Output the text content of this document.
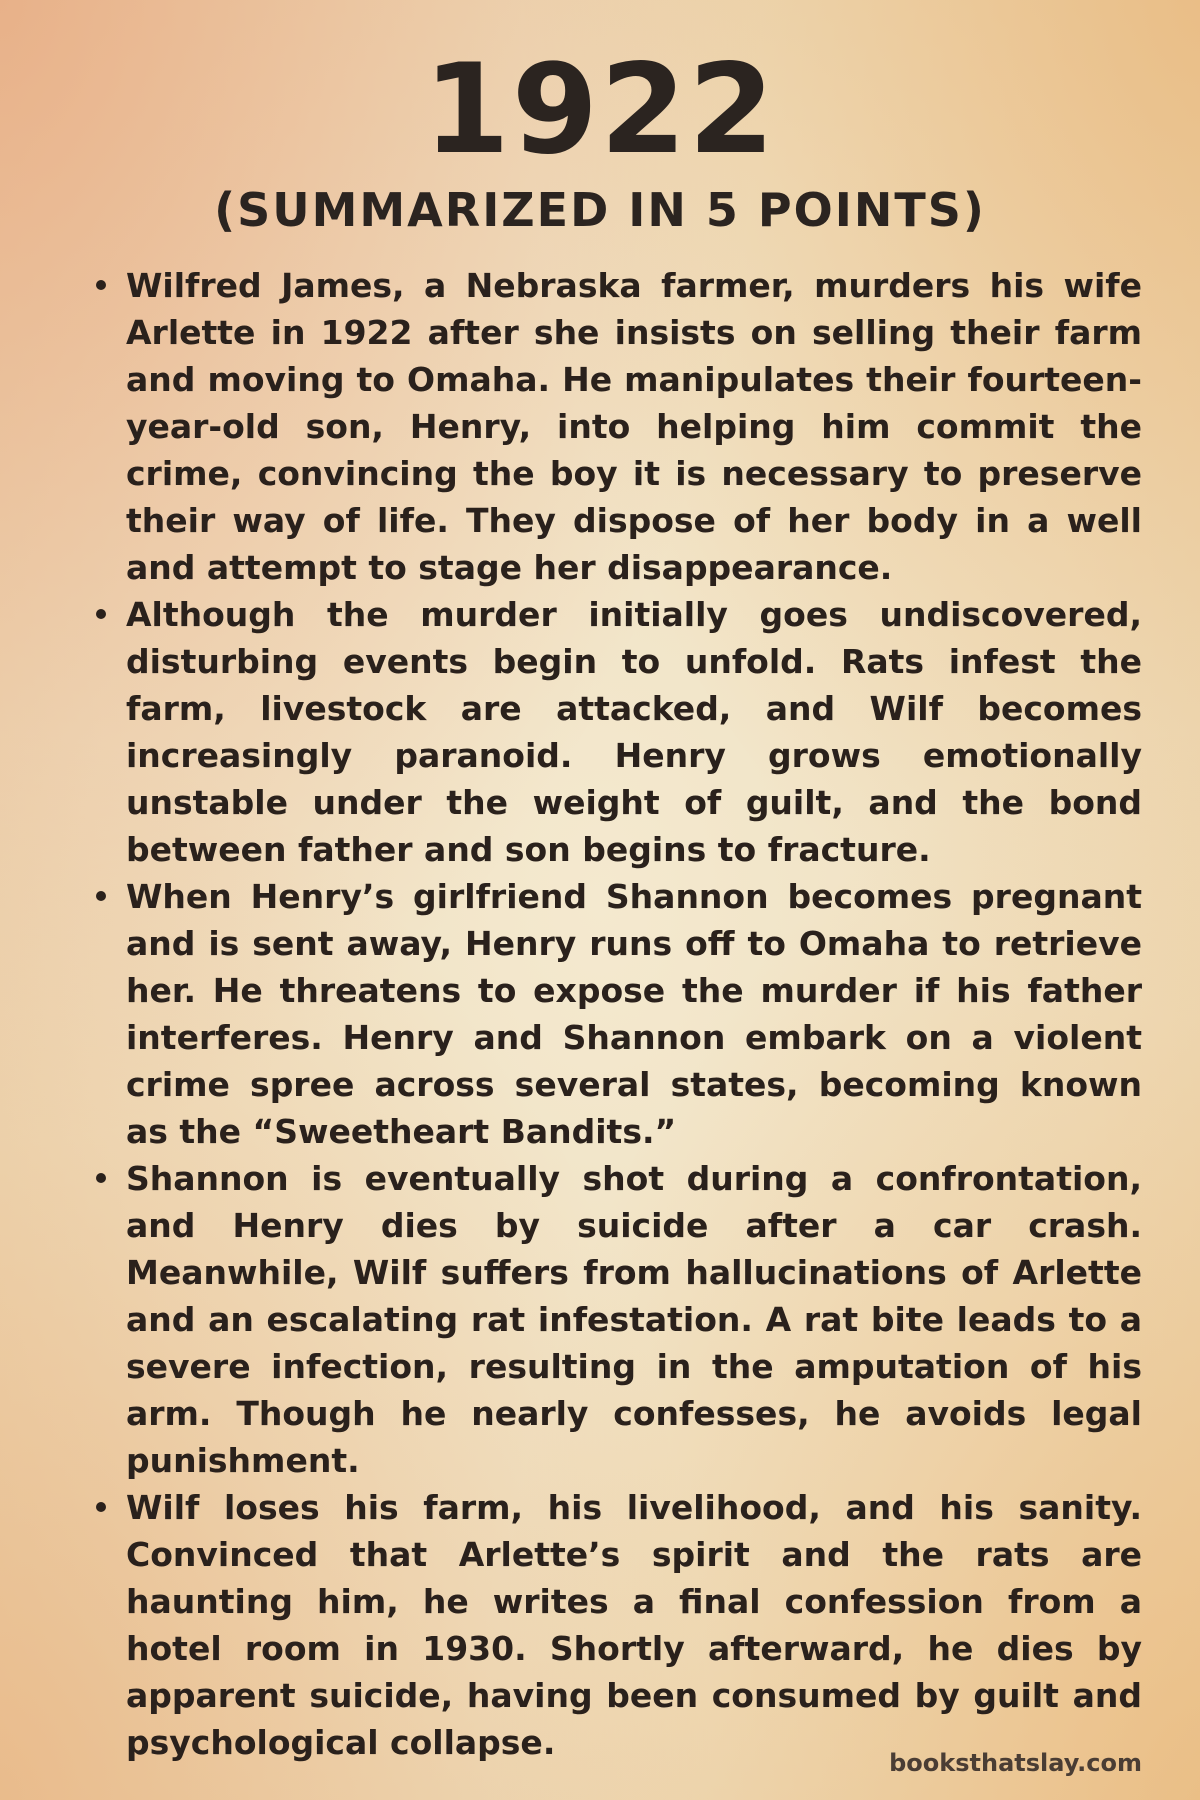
1922
(SUMMARIZED IN 5 POINTS)
Wilfred James, a Nebraska farmer, murders his wife Arlette in 1922 after she insists on selling their farm and moving to Omaha. He manipulates their fourteen-year-old son, Henry, into helping him commit the crime, convincing the boy it is necessary to preserve their way of life. They dispose of her body in a well and attempt to stage her disappearance.
Although the murder initially goes undiscovered, disturbing events begin to unfold. Rats infest the farm, livestock are attacked, and Wilf becomes increasingly paranoid. Henry grows emotionally unstable under the weight of guilt, and the bond between father and son begins to fracture.
When Henry’s girlfriend Shannon becomes pregnant and is sent away, Henry runs off to Omaha to retrieve her. He threatens to expose the murder if his father interferes. Henry and Shannon embark on a violent crime spree across several states, becoming known as the “Sweetheart Bandits.”
Shannon is eventually shot during a confrontation, and Henry dies by suicide after a car crash. Meanwhile, Wilf suffers from hallucinations of Arlette and an escalating rat infestation. A rat bite leads to a severe infection, resulting in the amputation of his arm. Though he nearly confesses, he avoids legal punishment.
Wilf loses his farm, his livelihood, and his sanity. Convinced that Arlette’s spirit and the rats are haunting him, he writes a final confession from a hotel room in 1930. Shortly afterward, he dies by apparent suicide, having been consumed by guilt and psychological collapse.
booksthatslay.com
